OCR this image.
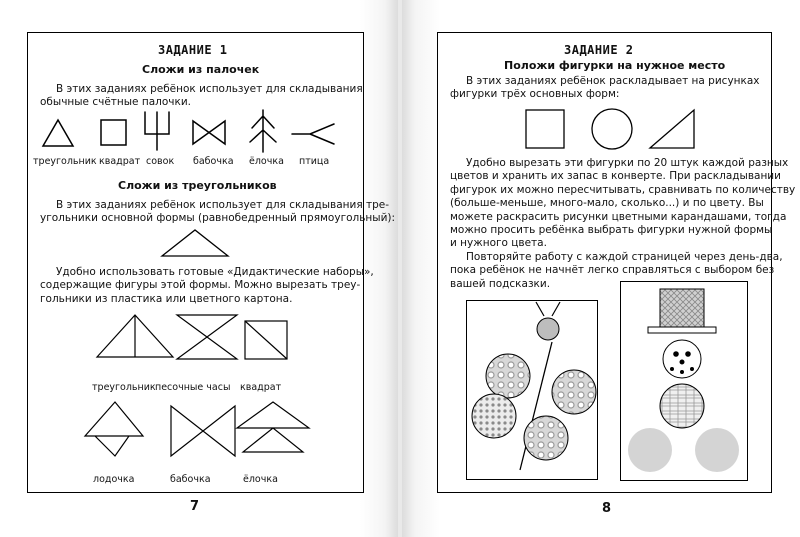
ЗАДАНИЕ 1
Сложи из палочек
В этих заданиях ребёнок использует для складывания
обычные счётные палочки.
треугольник квадрат совок бабочка ёлочка птица
Сложи из треугольников
В этих заданиях ребёнок использует для складывания тре-
угольники основной формы (равнобедренный прямоугольный):
Удобно использовать готовые «Дидактические наборы»,
содержащие фигуры этой формы. Можно вырезать треу-
гольники из пластика или цветного картона.
треугольник песочные часы квадрат
лодочка	бабочка	ёлочка
7
ЗАДАНИЕ 2
Положи фигурки на нужное место
В этих заданиях ребёнок раскладывает на рисунках
фигурки трёх основных форм:
Удобно вырезать эти фигурки по 20 штук каждой разных
цветов и хранить их запас в конверте. При раскладывании
фигурок их можно пересчитывать, сравнивать по количеству
(больше-меньше, много-мало, сколько...) и по цвету. Вы
можете раскрасить рисунки цветными карандашами, тогда
можно просить ребёнка выбрать фигурки нужной формы
и нужного цвета.
Повторяйте работу с каждой страницей через день-два,
пока ребёнок не начнёт легко справляться с выбором без
вашей подсказки.
8
